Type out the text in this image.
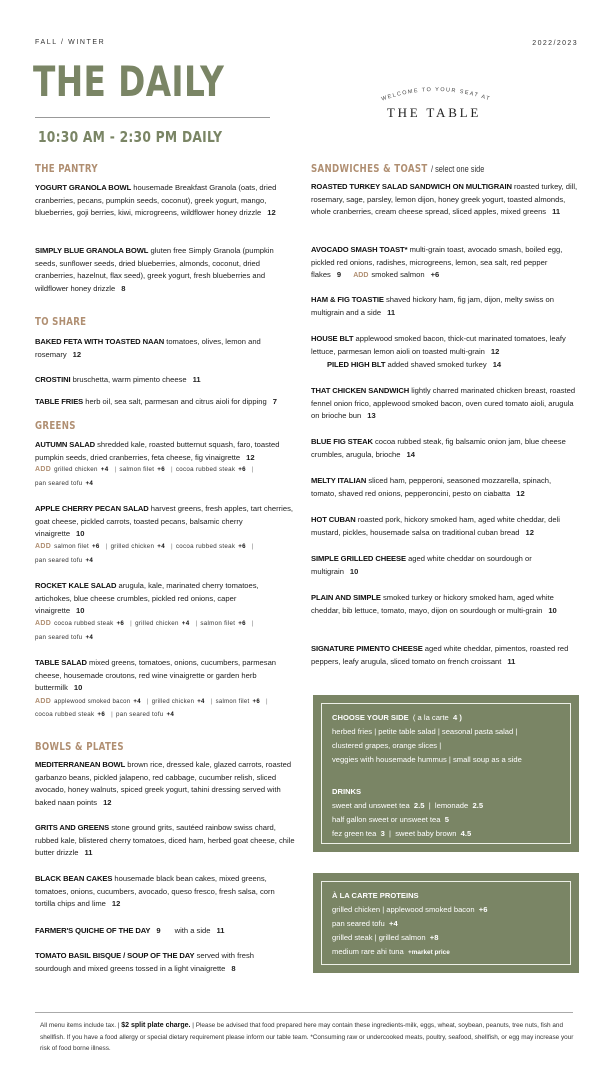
FALL / WINTER	2022/2023
THE DAILY
10:30 AM - 2:30 PM DAILY
WELCOME TO YOUR SEAT AT
THE TABLE
THE PANTRY
YOGURT GRANOLA BOWL housemade Breakfast Granola (oats, dried cranberries, pecans, pumpkin seeds, coconut), greek yogurt, mango, blueberries, goji berries, kiwi, microgreens, wildflower honey drizzle 12
SIMPLY BLUE GRANOLA BOWL gluten free Simply Granola (pumpkin seeds, sunflower seeds, dried blueberries, almonds, coconut, dried cranberries, hazelnut, flax seed), greek yogurt, fresh blueberries and wildflower honey drizzle 8
TO SHARE
BAKED FETA WITH TOASTED NAAN tomatoes, olives, lemon and rosemary 12
CROSTINI bruschetta, warm pimento cheese 11
TABLE FRIES herb oil, sea salt, parmesan and citrus aioli for dipping 7
GREENS
AUTUMN SALAD shredded kale, roasted butternut squash, faro, toasted pumpkin seeds, dried cranberries, feta cheese, fig vinaigrette 12
ADD grilled chicken +4 | salmon filet +6 | cocoa rubbed steak +6 |
pan seared tofu +4
APPLE CHERRY PECAN SALAD harvest greens, fresh apples, tart cherries, goat cheese, pickled carrots, toasted pecans, balsamic cherry vinaigrette 10
ADD salmon filet +6 | grilled chicken +4 | cocoa rubbed steak +6 |
pan seared tofu +4
ROCKET KALE SALAD arugula, kale, marinated cherry tomatoes, artichokes, blue cheese crumbles, pickled red onions, caper vinaigrette 10
ADD cocoa rubbed steak +6 | grilled chicken +4 | salmon filet +6 |
pan seared tofu +4
TABLE SALAD mixed greens, tomatoes, onions, cucumbers, parmesan cheese, housemade croutons, red wine vinaigrette or garden herb buttermilk 10
ADD applewood smoked bacon +4 | grilled chicken +4 | salmon filet +6 |
cocoa rubbed steak +6 | pan seared tofu +4
BOWLS & PLATES
MEDITERRANEAN BOWL brown rice, dressed kale, glazed carrots, roasted garbanzo beans, pickled jalapeno, red cabbage, cucumber relish, sliced avocado, honey walnuts, spiced greek yogurt, tahini dressing served with baked naan points 12
GRITS AND GREENS stone ground grits, sautéed rainbow swiss chard, rubbed kale, blistered cherry tomatoes, diced ham, herbed goat cheese, chile butter drizzle 11
BLACK BEAN CAKES housemade black bean cakes, mixed greens, tomatoes, onions, cucumbers, avocado, queso fresco, fresh salsa, corn tortilla chips and lime 12
FARMER'S QUICHE OF THE DAY 9 with a side 11
TOMATO BASIL BISQUE / SOUP OF THE DAY served with fresh sourdough and mixed greens tossed in a light vinaigrette 8
SANDWICHES & TOAST / select one side
ROASTED TURKEY SALAD SANDWICH ON MULTIGRAIN roasted turkey, dill, rosemary, sage, parsley, lemon dijon, honey greek yogurt, toasted almonds, whole cranberries, cream cheese spread, sliced apples, mixed greens 11
AVOCADO SMASH TOAST* multi-grain toast, avocado smash, boiled egg, pickled red onions, radishes, microgreens, lemon, sea salt, red pepper flakes 9 ADD smoked salmon +6
HAM & FIG TOASTIE shaved hickory ham, fig jam, dijon, melty swiss on multigrain and a side 11
HOUSE BLT applewood smoked bacon, thick-cut marinated tomatoes, leafy lettuce, parmesan lemon aioli on toasted multi-grain 12
PILED HIGH BLT added shaved smoked turkey 14
THAT CHICKEN SANDWICH lightly charred marinated chicken breast, roasted fennel onion frico, applewood smoked bacon, oven cured tomato aioli, arugula on brioche bun 13
BLUE FIG STEAK cocoa rubbed steak, fig balsamic onion jam, blue cheese crumbles, arugula, brioche 14
MELTY ITALIAN sliced ham, pepperoni, seasoned mozzarella, spinach, tomato, shaved red onions, pepperoncini, pesto on ciabatta 12
HOT CUBAN roasted pork, hickory smoked ham, aged white cheddar, deli mustard, pickles, housemade salsa on traditional cuban bread 12
SIMPLE GRILLED CHEESE aged white cheddar on sourdough or multigrain 10
PLAIN AND SIMPLE smoked turkey or hickory smoked ham, aged white cheddar, bib lettuce, tomato, mayo, dijon on sourdough or multi-grain 10
SIGNATURE PIMENTO CHEESE aged white cheddar, pimentos, roasted red peppers, leafy arugula, sliced tomato on french croissant 11
CHOOSE YOUR SIDE ( a la carte 4 )
herbed fries | petite table salad | seasonal pasta salad |
clustered grapes, orange slices |
veggies with housemade hummus | small soup as a side
DRINKS
sweet and unsweet tea 2.5  |  lemonade 2.5
half gallon sweet or unsweet tea 5
fez green tea 3  |  sweet baby brown 4.5
À LA CARTE PROTEINS
grilled chicken | applewood smoked bacon +6
pan seared tofu +4
grilled steak | grilled salmon +8
medium rare ahi tuna +market price
All menu items include tax. | $2 split plate charge. | Please be advised that food prepared here may contain these ingredients-milk, eggs, wheat, soybean, peanuts, tree nuts, fish and shellfish. If you have a food allergy or special dietary requirement please inform our table team. *Consuming raw or undercooked meats, poultry, seafood, shellfish, or egg may increase your risk of food borne illness.
